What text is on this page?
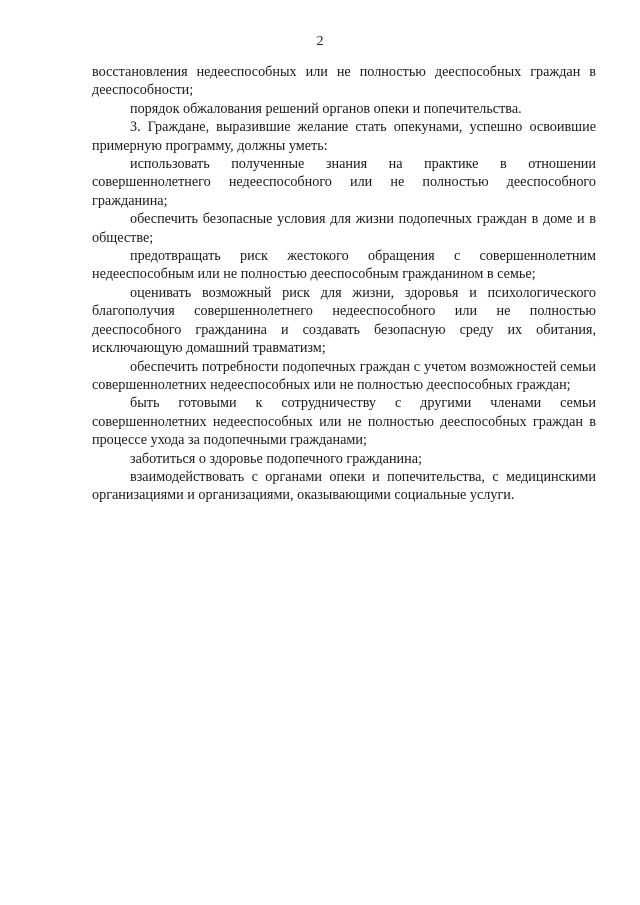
2

восстановления недееспособных или не полностью дееспособных граждан в дееспособности;

порядок обжалования решений органов опеки и попечительства.

3. Граждане, выразившие желание стать опекунами, успешно освоившие примерную программу, должны уметь:

использовать полученные знания на практике в отношении совершеннолетнего недееспособного или не полностью дееспособного гражданина;

обеспечить безопасные условия для жизни подопечных граждан в доме и в обществе;

предотвращать риск жестокого обращения с совершеннолетним недееспособным или не полностью дееспособным гражданином в семье;

оценивать возможный риск для жизни, здоровья и психологического благополучия совершеннолетнего недееспособного или не полностью дееспособного гражданина и создавать безопасную среду их обитания, исключающую домашний травматизм;

обеспечить потребности подопечных граждан с учетом возможностей семьи совершеннолетних недееспособных или не полностью дееспособных граждан;

быть готовыми к сотрудничеству с другими членами семьи совершеннолетних недееспособных или не полностью дееспособных граждан в процессе ухода за подопечными гражданами;

заботиться о здоровье подопечного гражданина;

взаимодействовать с органами опеки и попечительства, с медицинскими организациями и организациями, оказывающими социальные услуги.
